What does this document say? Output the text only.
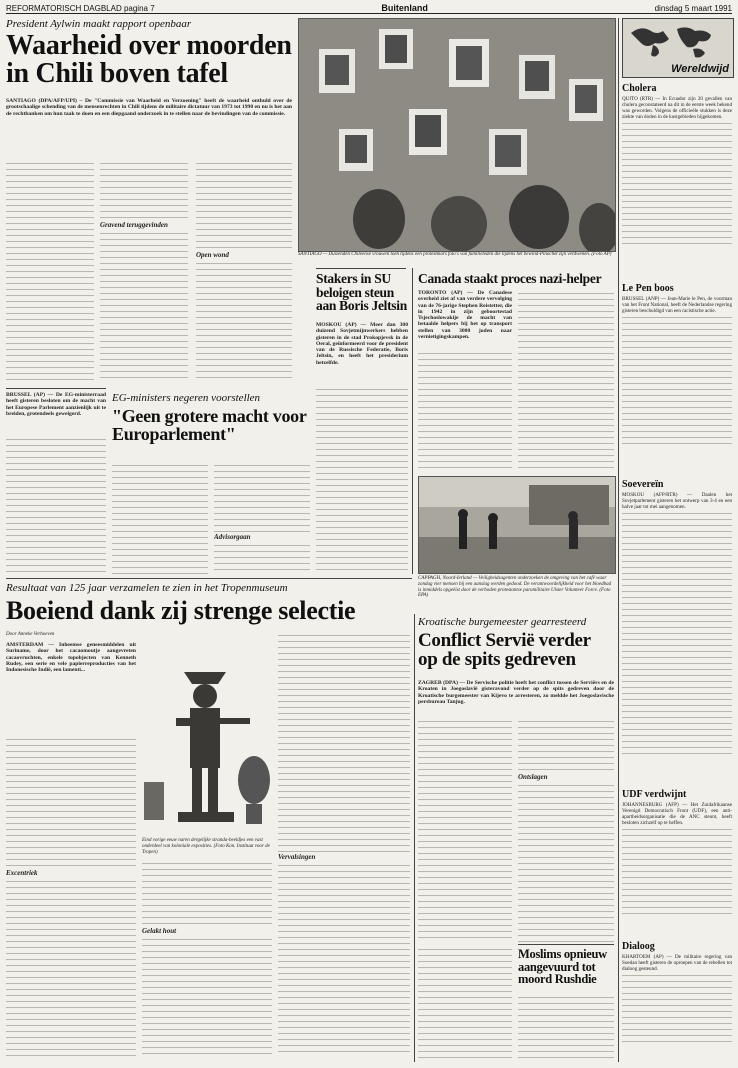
REFORMATORISCH DAGBLAD pagina 7	Buitenland	dinsdag 5 maart 1991
President Aylwin maakt rapport openbaar
Waarheid over moorden in Chili boven tafel
SANTIAGO (DPA/AFP/UPI) – De "Commissie van Waarheid en Verzoening" heeft de waarheid onthuld over de grootschaalige schending van de mensenrechten in Chili tijdens de militaire dictatuur van 1973 tot 1990 en nu is het aan de rechtbanken om hun taak te doen en een diepgaand onderzoek in te stellen naar de bevindingen van de commissie.
Gravend teruggevinden
Open wond	SANTIAGO — Duizenden Chileense vrouwen toen tijdens een protestmars foto's van familieleden die tijdens het bewind-Pinochet zijn verdwenen. (Foto AP)
BRUSSEL (AP) — De EG-ministerraad heeft gisteren besloten om de macht van het Europese Parlement aanzienlijk uit te breiden, grotendeels geweigerd.
EG-ministers negeren voorstellen
"Geen grotere macht voor Europarlement"
Advisorgaan
Stakers in SU beloigen steun aan Boris Jeltsin
MOSKOU (AP) — Meer dan 300 duizend Sovjetmijnwerkers hebben gisteren in de stad Prokopjevsk in de Oeral, geïnformeerd voor de president van de Russische Federatie, Boris Jeltsin, en heeft het presiderium hetzelfde.
Canada staakt proces nazi-helper
TORONTO (AP) — De Canadese overheid ziet af van verdere vervolging van de 76-jarige Stephen Reistetter, die in 1942 in zijn geboortestad Tsjechoslowakije de macht van betaalde helpers bij het op transport stellen van 3000 joden naar vernietigingskampen.
CAPPAGH, Noord-Ierland — Veiligheidsagenten onderzoeken de omgeving van het café waar zondag vier mensen bij een aanslag werden gedood. De verantwoordelijkheid voor het bloedbad is inmiddels opgeëist door de verboden protestantse paramilitaire Ulster Volunteer Force. (Foto EPA)
Resultaat van 125 jaar verzamelen te zien in het Tropenmuseum
Boeiend dank zij strenge selectie
Door Anneke Verhoeven
AMSTERDAM — Inheemse geneesmiddelen uit Suriname, door het cacaomoutje aangevreten cacaovruchten, enkele topobjecten van Kenneth Rudey, een serie en vele papierreproducties van het Indonesische Indië, een lamenti...
Excentriek
Eind vorige eeuw naren dergelijke stranda-beeldjes een vast onderdeel van koloniale exposities. (Foto Kon. Instituut voor de Tropen)
Gelakt hout
Vervalsingen
Kroatische burgemeester gearresteerd
Conflict Servië verder op de spits gedreven
ZAGREB (DPA) — De Servische politie heeft het conflict tussen de Serviërs en de Kroaten in Joegoslavië gisteravond verder op de spits gedreven door de Kroatische burgemeester van Kijevo te arresteren, zo meldde het Joegoslavische persbureau Tanjug.
Ontslagen
Moslims opnieuw aangevuurd tot moord Rushdie
Wereldwijd
Cholera
QUITO (RTR) — In Ecuador zijn 20 gevallen van cholera geconstateerd na dit in de eerste week bekend was geworden. Volgens de officieële stukken is deze ziekte van doden in de kustgebieden bijgekomen.
Le Pen boos
BRUSSEL (ANP) — Jean-Marie le Pen, de voorman van het Front National, heeft de Nederlandse regering gisteren beschuldigd van een racistische actie.
Soevereïn
MOSKOU (AFP/RTR) — Daalen het Sovjetparlement gisteren het ontwerp van 3-4 en een halve jaar tot mei aangenomen.
UDF verdwijnt
JOHANNESBURG (AFP) — Het Zuidafrikaanse Verenigd Democratisch Front (UDF), een anti-apartheidsorganisatie die de ANC steunt, heeft besloten zichzelf op te heffen.
Dialoog
KHARTOEM (AP) — De militaire regering van Soedan heeft gisteren de oproepen van de rebellen tot dialoog gesteund.
